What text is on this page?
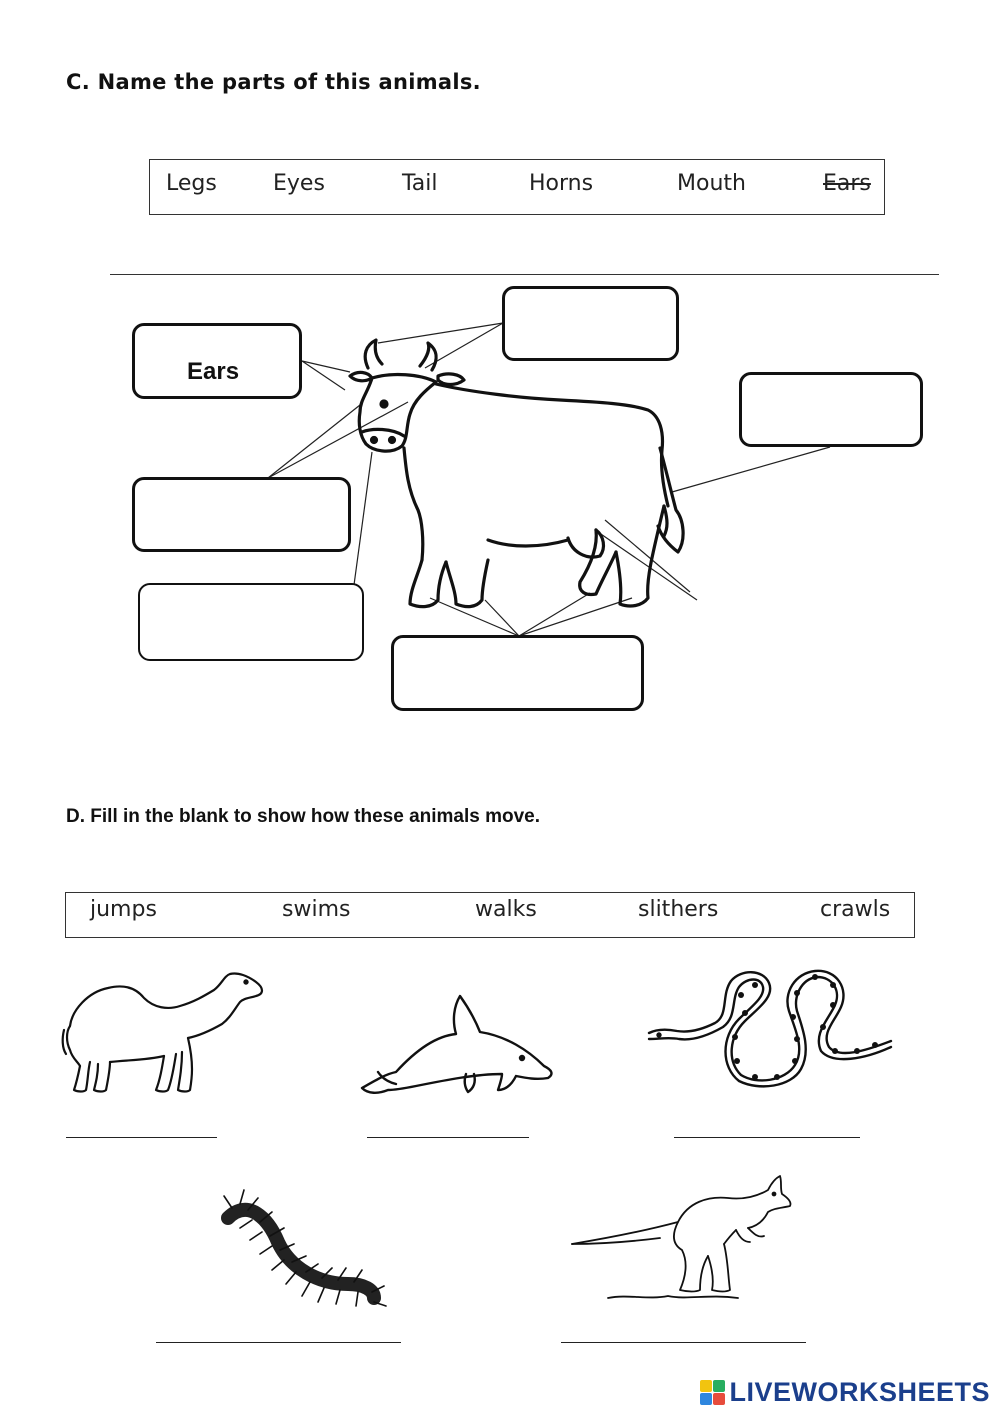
C. Name the parts of this animals.
Legs	Eyes	Tail	Horns	Mouth	Ears
Ears
D. Fill in the blank to show how these animals move.
jumps	swims	walks	slithers	crawls
LIVEWORKSHEETS
